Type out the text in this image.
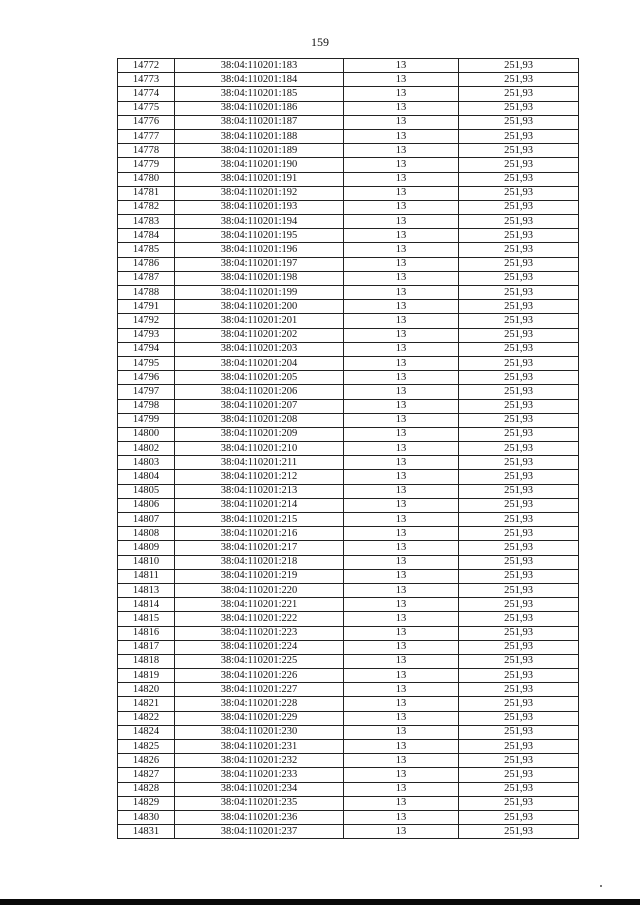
159
14772	38:04:110201:183	13	251,93
14773	38:04:110201:184	13	251,93
14774	38:04:110201:185	13	251,93
14775	38:04:110201:186	13	251,93
14776	38:04:110201:187	13	251,93
14777	38:04:110201:188	13	251,93
14778	38:04:110201:189	13	251,93
14779	38:04:110201:190	13	251,93
14780	38:04:110201:191	13	251,93
14781	38:04:110201:192	13	251,93
14782	38:04:110201:193	13	251,93
14783	38:04:110201:194	13	251,93
14784	38:04:110201:195	13	251,93
14785	38:04:110201:196	13	251,93
14786	38:04:110201:197	13	251,93
14787	38:04:110201:198	13	251,93
14788	38:04:110201:199	13	251,93
14791	38:04:110201:200	13	251,93
14792	38:04:110201:201	13	251,93
14793	38:04:110201:202	13	251,93
14794	38:04:110201:203	13	251,93
14795	38:04:110201:204	13	251,93
14796	38:04:110201:205	13	251,93
14797	38:04:110201:206	13	251,93
14798	38:04:110201:207	13	251,93
14799	38:04:110201:208	13	251,93
14800	38:04:110201:209	13	251,93
14802	38:04:110201:210	13	251,93
14803	38:04:110201:211	13	251,93
14804	38:04:110201:212	13	251,93
14805	38:04:110201:213	13	251,93
14806	38:04:110201:214	13	251,93
14807	38:04:110201:215	13	251,93
14808	38:04:110201:216	13	251,93
14809	38:04:110201:217	13	251,93
14810	38:04:110201:218	13	251,93
14811	38:04:110201:219	13	251,93
14813	38:04:110201:220	13	251,93
14814	38:04:110201:221	13	251,93
14815	38:04:110201:222	13	251,93
14816	38:04:110201:223	13	251,93
14817	38:04:110201:224	13	251,93
14818	38:04:110201:225	13	251,93
14819	38:04:110201:226	13	251,93
14820	38:04:110201:227	13	251,93
14821	38:04:110201:228	13	251,93
14822	38:04:110201:229	13	251,93
14824	38:04:110201:230	13	251,93
14825	38:04:110201:231	13	251,93
14826	38:04:110201:232	13	251,93
14827	38:04:110201:233	13	251,93
14828	38:04:110201:234	13	251,93
14829	38:04:110201:235	13	251,93
14830	38:04:110201:236	13	251,93
14831	38:04:110201:237	13	251,93
